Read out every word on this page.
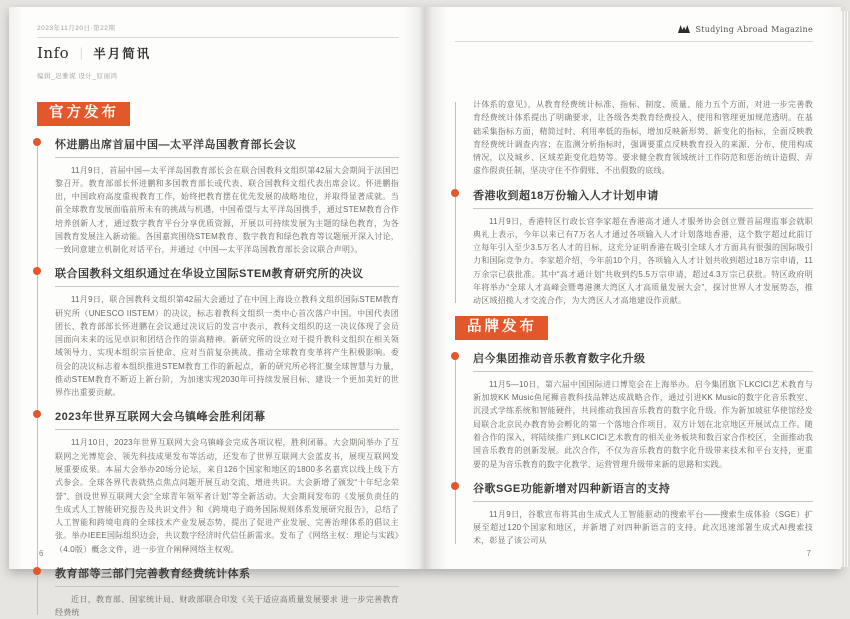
2023年11月20日·第22期
Info ｜ 半月简讯
编辑_迟雅妮 设计_原丽鸿
官方发布
怀进鹏出席首届中国—太平洋岛国教育部长会议
11月9日，首届中国—太平洋岛国教育部长会在联合国教科文组织第42届大会期间于法国巴黎召开。教育部部长怀进鹏和多国教育部长或代表、联合国教科文组代表出席会议。怀进鹏指出，中国政府高度重视教育工作，始终把教育摆在优先发展的战略地位，并取得显著成就。当前全球教育发展面临前所未有的挑战与机遇，中国希望与太平洋岛国携手，通过STEM教育合作培养创新人才，通过数字教育平台分享优质资源，开展以可持续发展为主题的绿色教育，为各国教育发展注入新动能。各国嘉宾围绕STEM教育、数字教育和绿色教育等议题展开深入讨论，一致同意建立机制化对话平台，并通过《中国—太平洋岛国教育部长会议联合声明》。
联合国教科文组织通过在华设立国际STEM教育研究所的决议
11月9日，联合国教科文组织第42届大会通过了在中国上海设立教科文组织国际STEM教育研究所（UNESCO IISTEM）的决议，标志着教科文组织一类中心首次落户中国。中国代表团团长、教育部部长怀进鹏在会议通过决议后的发言中表示，教科文组织的这一决议体现了会员国面向未来的远见卓识和团结合作的崇高精神。新研究所的设立对于提升教科文组织在相关领域领导力、实现本组织宗旨使命、应对当前复杂挑战、推动全球教育变革将产生积极影响。委员会的决议标志着本组织推进STEM教育工作的新起点，新的研究所必将汇聚全球智慧与力量，推动STEM教育不断迈上新台阶，为加速实现2030年可持续发展目标、建设一个更加美好的世界作出重要贡献。
2023年世界互联网大会乌镇峰会胜利闭幕
11月10日，2023年世界互联网大会乌镇峰会完成各项议程，胜利闭幕。大会期间举办了互联网之光博览会、领先科技成果发布等活动，还发布了世界互联网大会蓝皮书，展现互联网发展重要成果。本届大会举办20场分论坛，来自126个国家和地区的1800多名嘉宾以线上线下方式参会。全球各界代表就热点焦点问题开展互动交流、增进共识。大会新增了颁发“十年纪念荣誉”、创设世界互联网大会“全球青年领军者计划”等全新活动。大会期间发布的《发展负责任的生成式人工智能研究报告及共识文件》和《跨境电子商务国际规则体系发展研究报告》，总结了人工智能和跨境电商的全球技术产业发展态势，提出了促进产业发展、完善治理体系的倡议主张。举办IEEE国际组织边会，共议数字经济时代信任新需求。发布了《网络主权：理论与实践》（4.0版）概念文件，进一步宣介阐释网络主权观。
教育部等三部门完善教育经费统计体系
近日，教育部、国家统计局、财政部联合印发《关于适应高质量发展要求 进一步完善教育经费统
6
Studying Abroad Magazine
计体系的意见》，从教育经费统计标准、指标、制度、质量、能力五个方面，对进一步完善教育经费统计体系提出了明确要求，让各级各类教育经费投入、使用和管理更加规范透明。在基础采集指标方面，精简过时、利用率低的指标，增加反映新形势、新变化的指标，全面反映教育经费统计调查内容；在监测分析指标时，强调要重点反映教育投入的来源、分布、使用构成情况，以及城乡、区域差距变化趋势等。要求健全教育领域统计工作防范和惩治统计造假、弄虚作假责任制，坚决守住不作假账、不出假数的底线。
香港收到超18万份输入人才计划申请
11月9日，香港特区行政长官李家超在香港高才通人才服务协会创立暨首届理监事会就职典礼上表示，今年以来已有7万名人才通过各项输入人才计划落地香港，这个数字超过此前订立每年引入至少3.5万名人才的目标，这充分证明香港在吸引全球人才方面具有很强的国际吸引力和国际竞争力。李家超介绍，今年前10个月，各项输入人才计划共收到超过18万宗申请，11万余宗已获批准。其中“高才通计划”共收到约5.5万宗申请，超过4.3万宗已获批。特区政府明年将举办“全球人才高峰会暨粤港澳大湾区人才高质量发展大会”，探讨世界人才发展势态，推动区域招揽人才交流合作，为大湾区人才高地建设作贡献。
品牌发布
启今集团推动音乐教育数字化升级
11月5—10日，第六届中国国际进口博览会在上海举办。启今集团旗下LKCICI艺术教育与新加坡KK Music鱼尾狮音教科技品牌达成战略合作，通过引进KK Music的数字化音乐教室、沉浸式学练系统和智能硬件，共同推动我国音乐教育的数字化升级。作为新加坡驻华使馆经发局联合北京民办教育协会孵化的第一个落地合作项目，双方计划在北京地区开展试点工作。随着合作的深入，将陆续推广到LKCICI艺术教育的相关业务板块和数百家合作校区，全面推动我国音乐教育的创新发展。此次合作，不仅为音乐教育的数字化升级带来技术和平台支持，更重要的是为音乐教育的数字化教学、运营管理升级带来新的思路和实践。
谷歌SGE功能新增对四种新语言的支持
11月9日，谷歌宣布将其由生成式人工智能驱动的搜索平台——搜索生成体验（SGE）扩展至超过120个国家和地区，并新增了对四种新语言的支持。此次迅速部署生成式AI搜索技术，彰显了该公司从
7
